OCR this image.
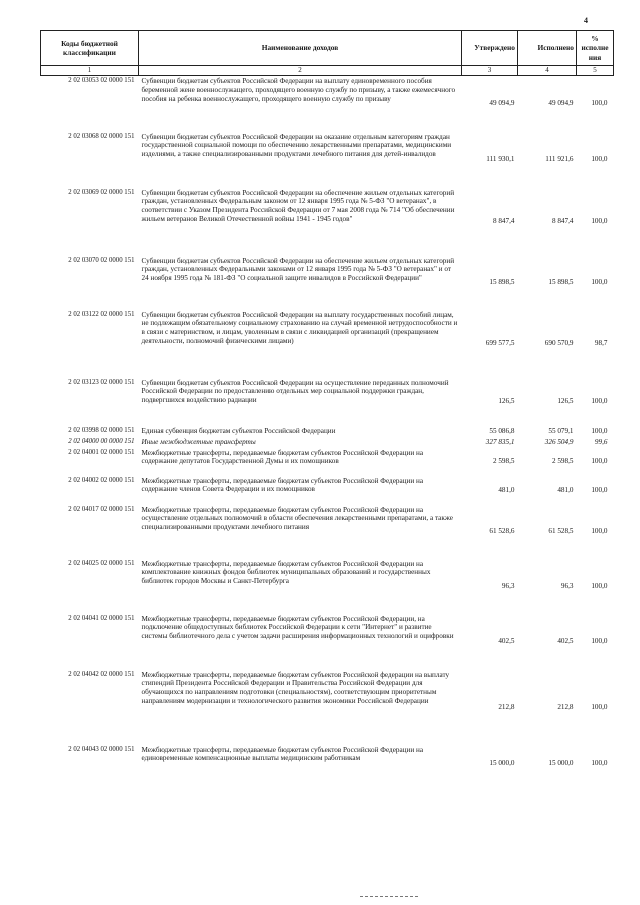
4
Коды бюджетной классификации	Наименование доходов	Утверждено	Исполнено	% исполне ния
1	2	3	4	5
2 02 03053 02 0000 151	Субвенции бюджетам субъектов Российской Федерации на выплату единовременного пособия беременной жене военнослужащего, проходящего военную службу по призыву, а также ежемесячного пособия на ребенка военнослужащего, проходящего военную службу по призыву	49 094,9	49 094,9	100,0
2 02 03068 02 0000 151	Субвенции бюджетам субъектов Российской Федерации на оказание отдельным категориям граждан государственной социальной помощи по обеспечению лекарственными препаратами, медицинскими изделиями, а также специализированными продуктами лечебного питания для детей-инвалидов	111 930,1	111 921,6	100,0
2 02 03069 02 0000 151	Субвенции бюджетам субъектов Российской Федерации на обеспечение жильем отдельных категорий граждан, установленных Федеральным законом от 12 января 1995 года № 5-ФЗ "О ветеранах", в соответствии с Указом Президента Российской Федерации от 7 мая 2008 года № 714 "Об обеспечении жильем ветеранов Великой Отечественной войны 1941 - 1945 годов"	8 847,4	8 847,4	100,0
2 02 03070 02 0000 151	Субвенции бюджетам субъектов Российской Федерации на обеспечение жильем отдельных категорий граждан, установленных Федеральными законами от 12 января 1995 года № 5-ФЗ "О ветеранах" и от 24 ноября 1995 года № 181-ФЗ "О социальной защите инвалидов в Российской Федерации"	15 898,5	15 898,5	100,0
2 02 03122 02 0000 151	Субвенции бюджетам субъектов Российской Федерации на выплату государственных пособий лицам, не подлежащим обязательному социальному страхованию на случай временной нетрудоспособности и в связи с материнством, и лицам, уволенным в связи с ликвидацией организаций (прекращением деятельности, полномочий физическими лицами)	699 577,5	690 570,9	98,7
2 02 03123 02 0000 151	Субвенции бюджетам субъектов Российской Федерации на осуществление переданных полномочий Российской Федерации по предоставлению отдельных мер социальной поддержки граждан, подвергшихся воздействию радиации	126,5	126,5	100,0
2 02 03998 02 0000 151	Единая субвенция бюджетам субъектов Российской Федерации	55 086,8	55 079,1	100,0
2 02 04000 00 0000 151	Иные межбюджетные трансферты	327 835,1	326 504,9	99,6
2 02 04001 02 0000 151	Межбюджетные трансферты, передаваемые бюджетам субъектов Российской Федерации на содержание депутатов Государственной Думы и их помощников	2 598,5	2 598,5	100,0
2 02 04002 02 0000 151	Межбюджетные трансферты, передаваемые бюджетам субъектов Российской Федерации на содержание членов Совета Федерации и их помощников	481,0	481,0	100,0
2 02 04017 02 0000 151	Межбюджетные трансферты, передаваемые бюджетам субъектов Российской Федерации на осуществление отдельных полномочий в области обеспечения лекарственными препаратами, а также специализированными продуктами лечебного питания	61 528,6	61 528,5	100,0
2 02 04025 02 0000 151	Межбюджетные трансферты, передаваемые бюджетам субъектов Российской Федерации на комплектование книжных фондов библиотек муниципальных образований и государственных библиотек городов Москвы и Санкт-Петербурга	96,3	96,3	100,0
2 02 04041 02 0000 151	Межбюджетные трансферты, передаваемые бюджетам субъектов Российской Федерации, на подключение общедоступных библиотек Российской Федерации к сети "Интернет" и развитие системы библиотечного дела с учетом задачи расширения информационных технологий и оцифровки	402,5	402,5	100,0
2 02 04042 02 0000 151	Межбюджетные трансферты, передаваемые бюджетам субъектов Российской федерации на выплату стипендий Президента Российской Федерации и Правительства Российской Федерации для обучающихся по направлениям подготовки (специальностям), соответствующим приоритетным направлениям модернизации и технологического развития экономики Российской Федерации	212,8	212,8	100,0
2 02 04043 02 0000 151	Межбюджетные трансферты, передаваемые бюджетам субъектов Российской Федерации на единовременные компенсационные выплаты медицинским работникам	15 000,0	15 000,0	100,0
